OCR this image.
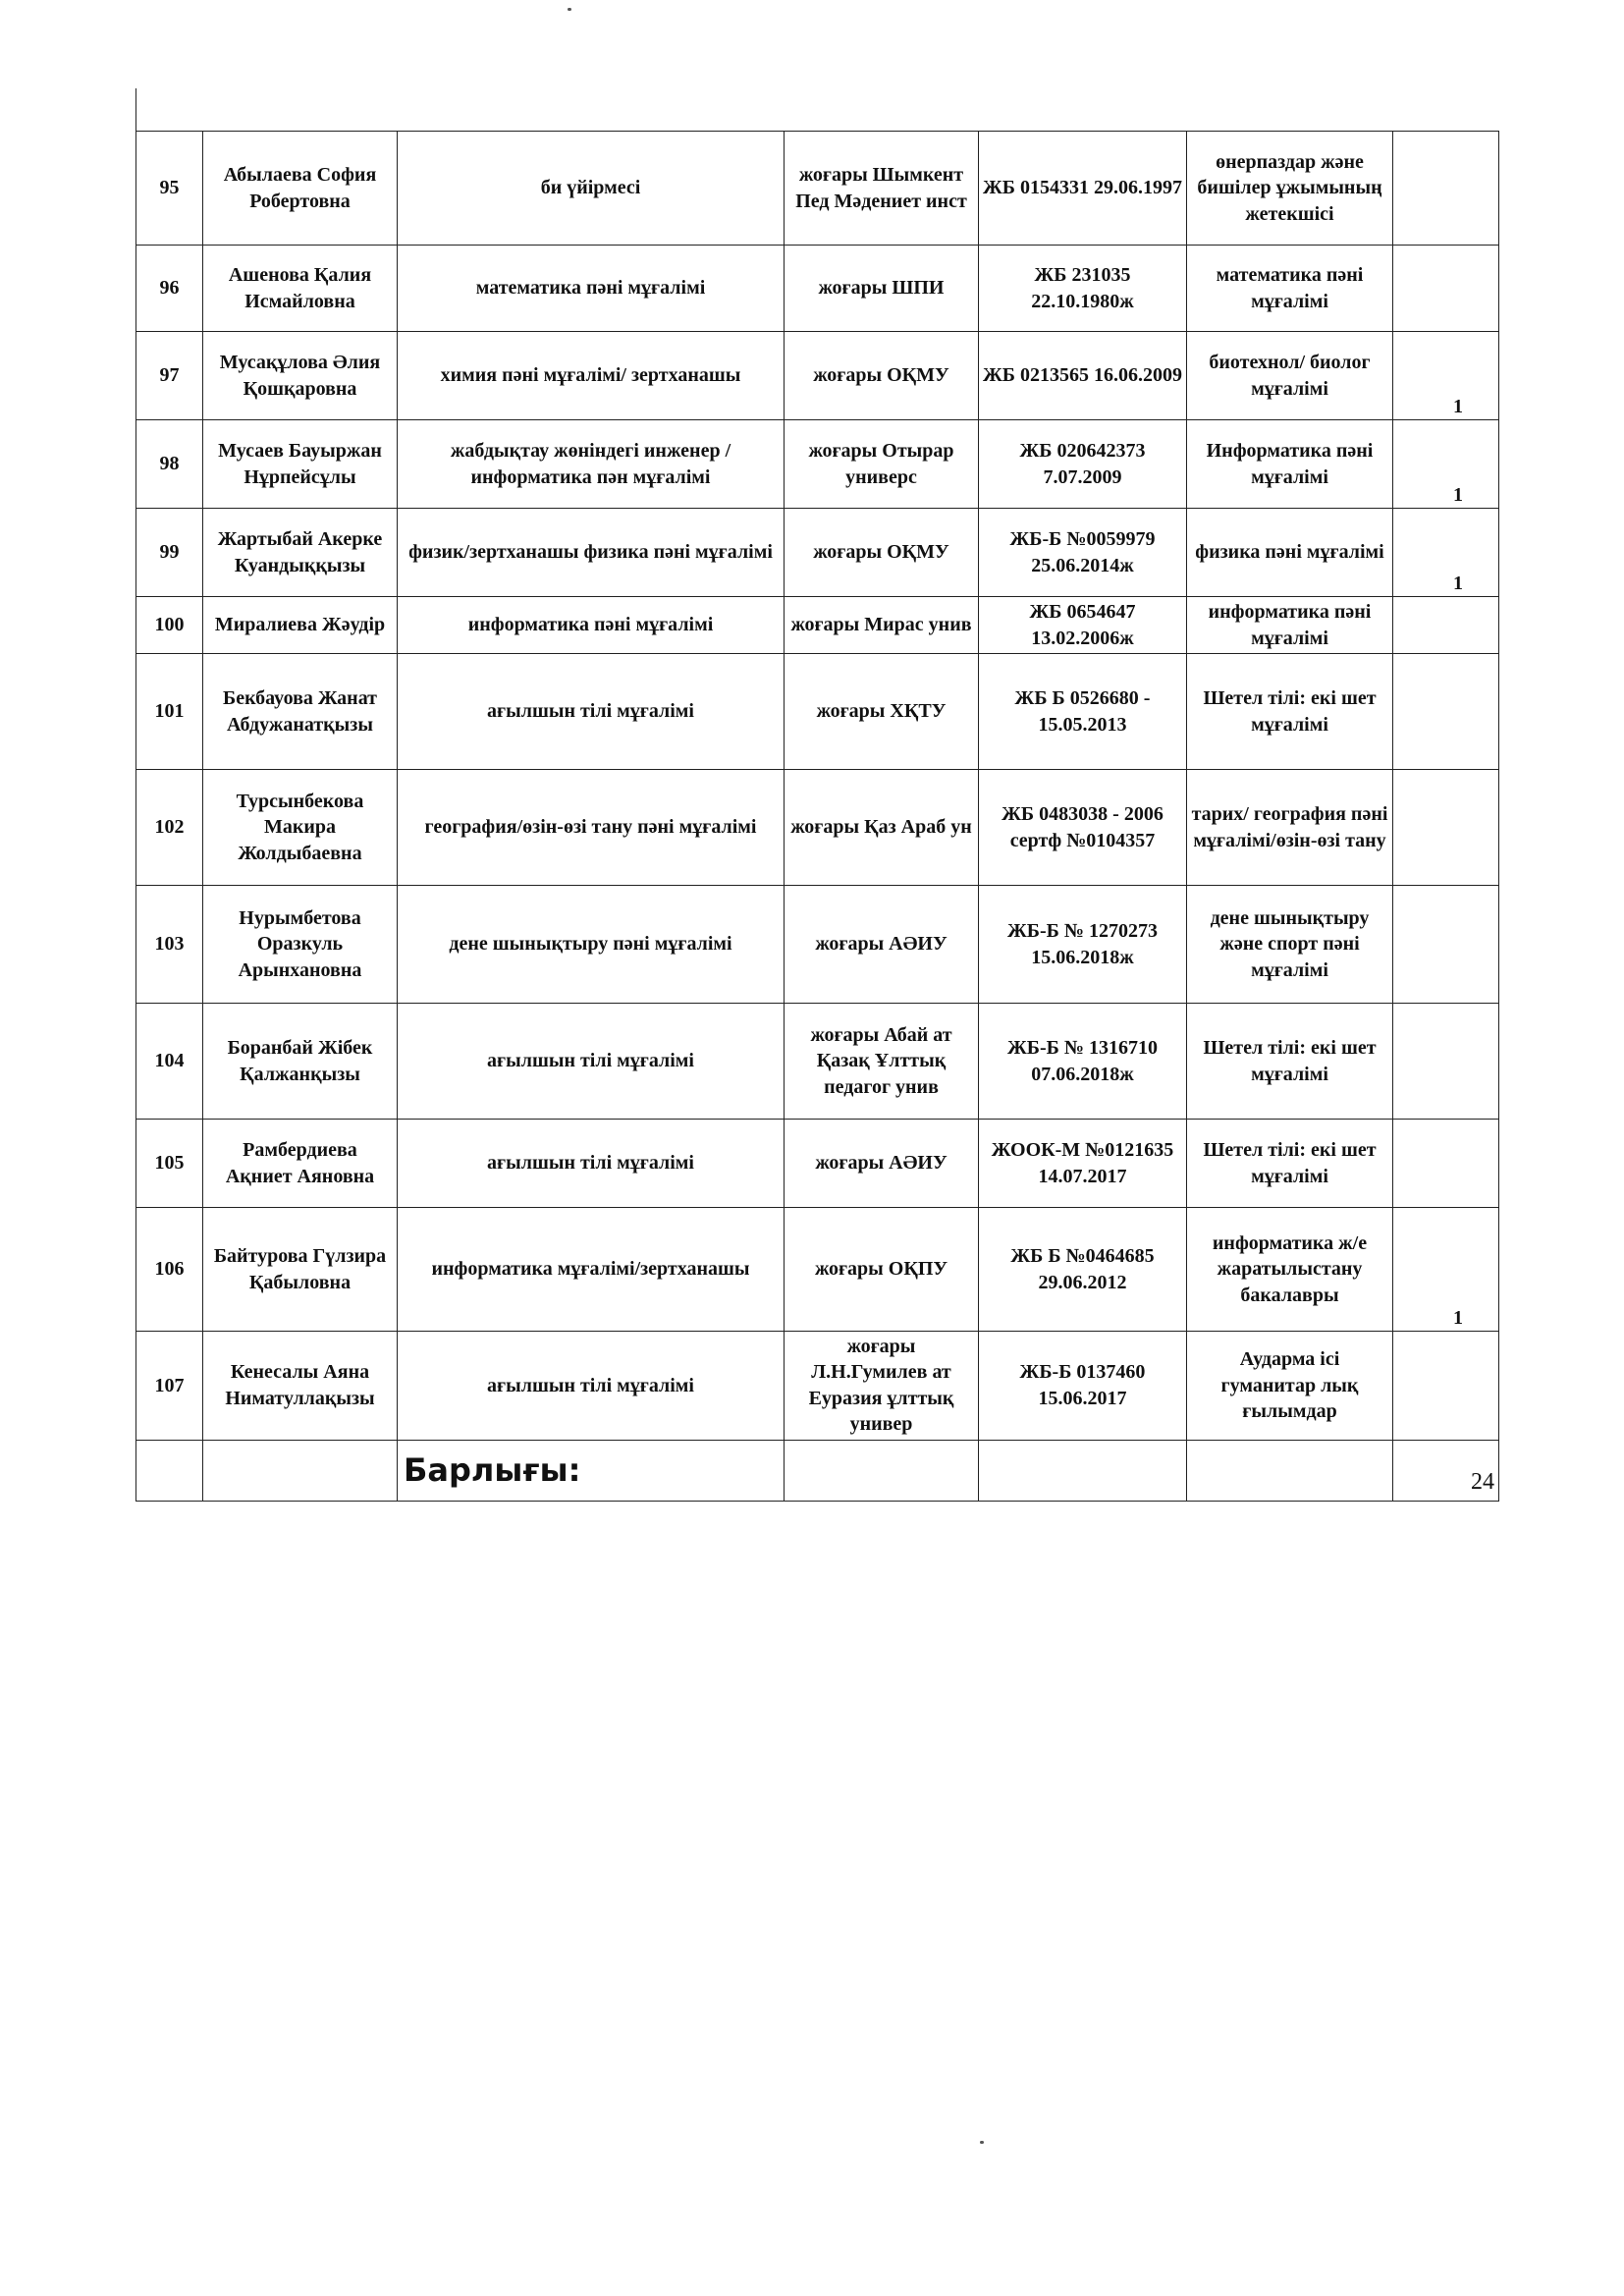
95	Абылаева София Робертовна	би үйірмесі	жоғары Шымкент Пед Мәдениет инст	ЖБ 0154331 29.06.1997	өнерпаздар және бишілер ұжымының жетекшісі	
96	Ашенова Қалия Исмайловна	математика пәні мұғалімі	жоғары ШПИ	ЖБ 231035 22.10.1980ж	математика пәні мұғалімі	
97	Мусақұлова Әлия Қошқаровна	химия пәні мұғалімі/ зертханашы	жоғары ОҚМУ	ЖБ 0213565 16.06.2009	биотехнол/ биолог мұғалімі	1
98	Мусаев Бауыржан Нұрпейсұлы	жабдықтау жөніндегі инженер / информатика пән мұғалімі	жоғары Отырар универс	ЖБ 020642373 7.07.2009	Информатика пәні мұғалімі	1
99	Жартыбай Акерке Куандыққызы	физик/зертханашы физика пәні мұғалімі	жоғары ОҚМУ	ЖБ-Б №0059979 25.06.2014ж	физика пәні мұғалімі	1
100	Миралиева Жәудір	информатика пәні мұғалімі	жоғары Мирас унив	ЖБ 0654647 13.02.2006ж	информатика пәні мұғалімі	
101	Бекбауова Жанат Абдужанатқызы	ағылшын тілі мұғалімі	жоғары ХҚТУ	ЖБ Б 0526680 - 15.05.2013	Шетел тілі: екі шет мұғалімі	
102	Турсынбекова Макира Жолдыбаевна	география/өзін-өзі тану пәні мұғалімі	жоғары Қаз Араб ун	ЖБ 0483038 - 2006 сертф №0104357	тарих/ география пәні мұғалімі/өзін-өзі тану	
103	Нурымбетова Оразкуль Арынхановна	дене шынықтыру пәні мұғалімі	жоғары АӘИУ	ЖБ-Б № 1270273 15.06.2018ж	дене шынықтыру және спорт пәні мұғалімі	
104	Боранбай Жібек Қалжанқызы	ағылшын тілі мұғалімі	жоғары Абай ат Қазақ Ұлттық педагог унив	ЖБ-Б № 1316710 07.06.2018ж	Шетел тілі: екі шет мұғалімі	
105	Рамбердиева Ақниет Аяновна	ағылшын тілі мұғалімі	жоғары АӘИУ	ЖООК-М №0121635 14.07.2017	Шетел тілі: екі шет мұғалімі	
106	Байтурова Гүлзира Қабыловна	информатика мұғалімі/зертханашы	жоғары ОҚПУ	ЖБ Б №0464685 29.06.2012	информатика ж/е жаратылыстану бакалавры	1
107	Кенесалы Аяна Ниматуллақызы	ағылшын тілі мұғалімі	жоғары Л.Н.Гумилев ат Еуразия ұлттық универ	ЖБ-Б 0137460 15.06.2017	Аударма ісі гуманитар лық ғылымдар	
		Барлығы:				24
